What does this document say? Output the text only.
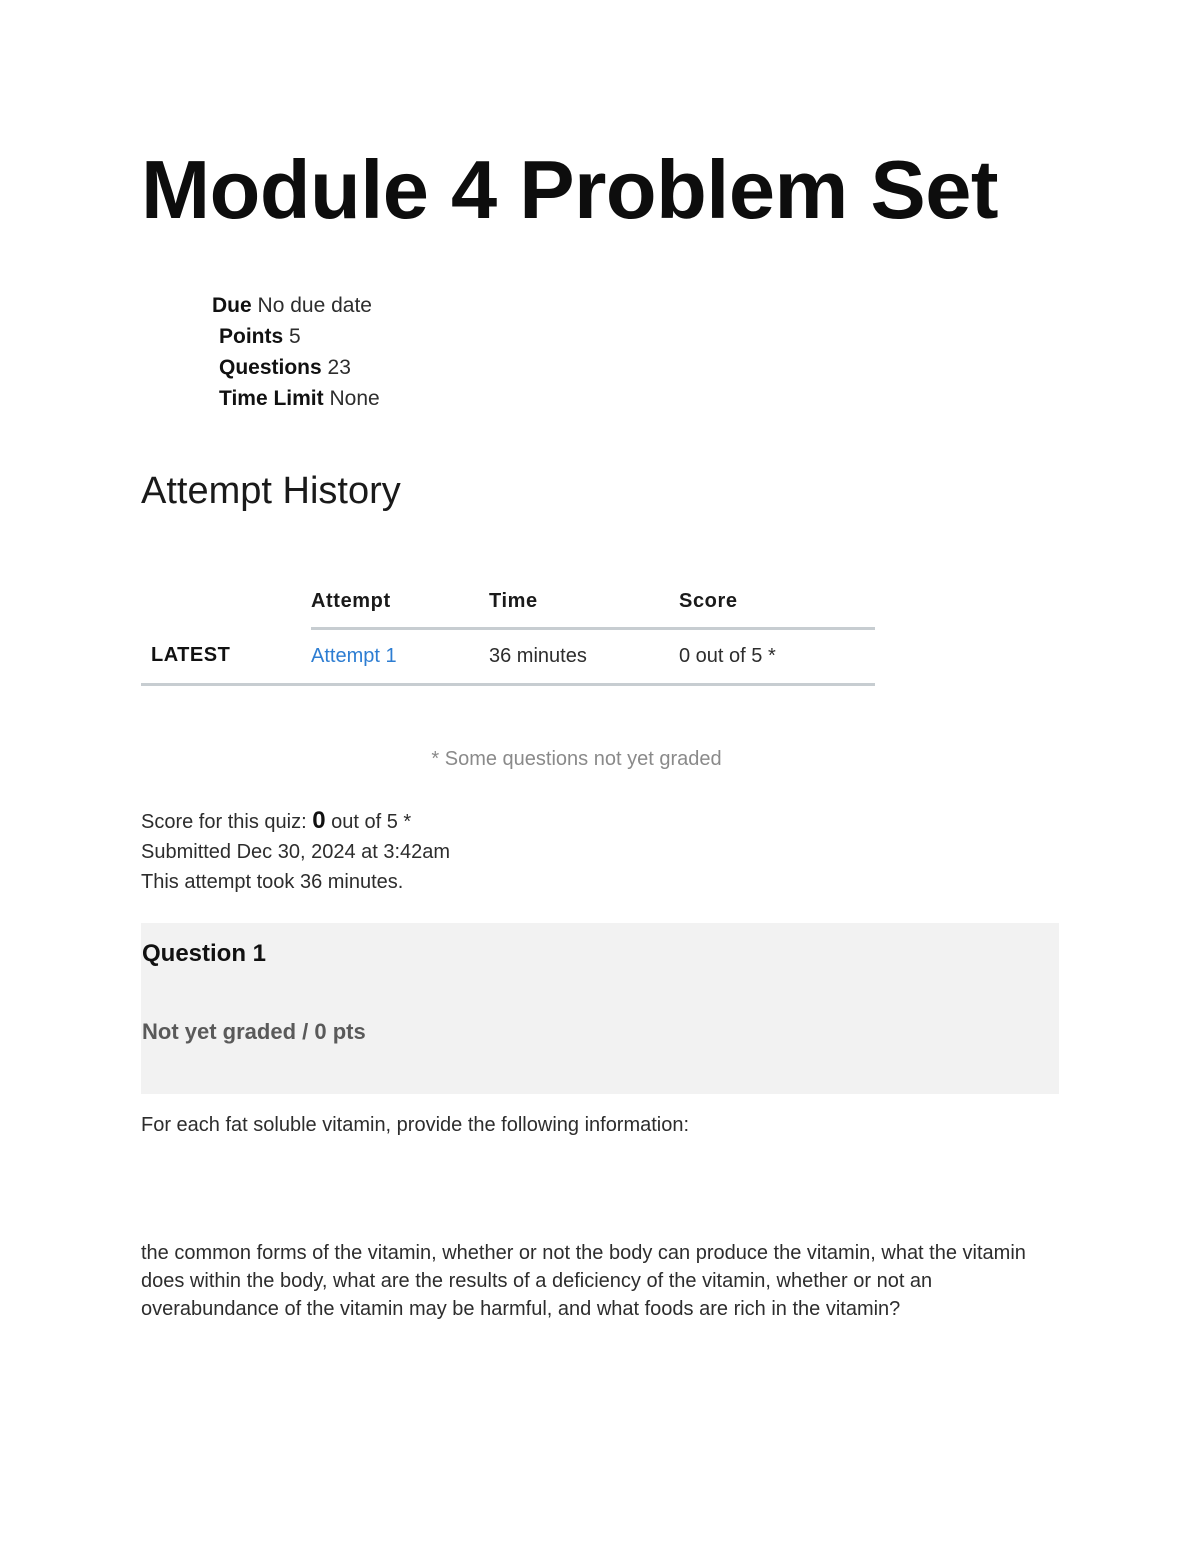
Module 4 Problem Set
Due No due date
Points 5
Questions 23
Time Limit None
Attempt History
	Attempt	Time	Score
LATEST	Attempt 1	36 minutes	0 out of 5 *
* Some questions not yet graded
Score for this quiz: 0 out of 5 *
Submitted Dec 30, 2024 at 3:42am
This attempt took 36 minutes.
Question 1
Not yet graded / 0 pts
For each fat soluble vitamin, provide the following information:
the common forms of the vitamin, whether or not the body can produce the vitamin, what the vitamin does within the body, what are the results of a deficiency of the vitamin, whether or not an overabundance of the vitamin may be harmful, and what foods are rich in the vitamin?
